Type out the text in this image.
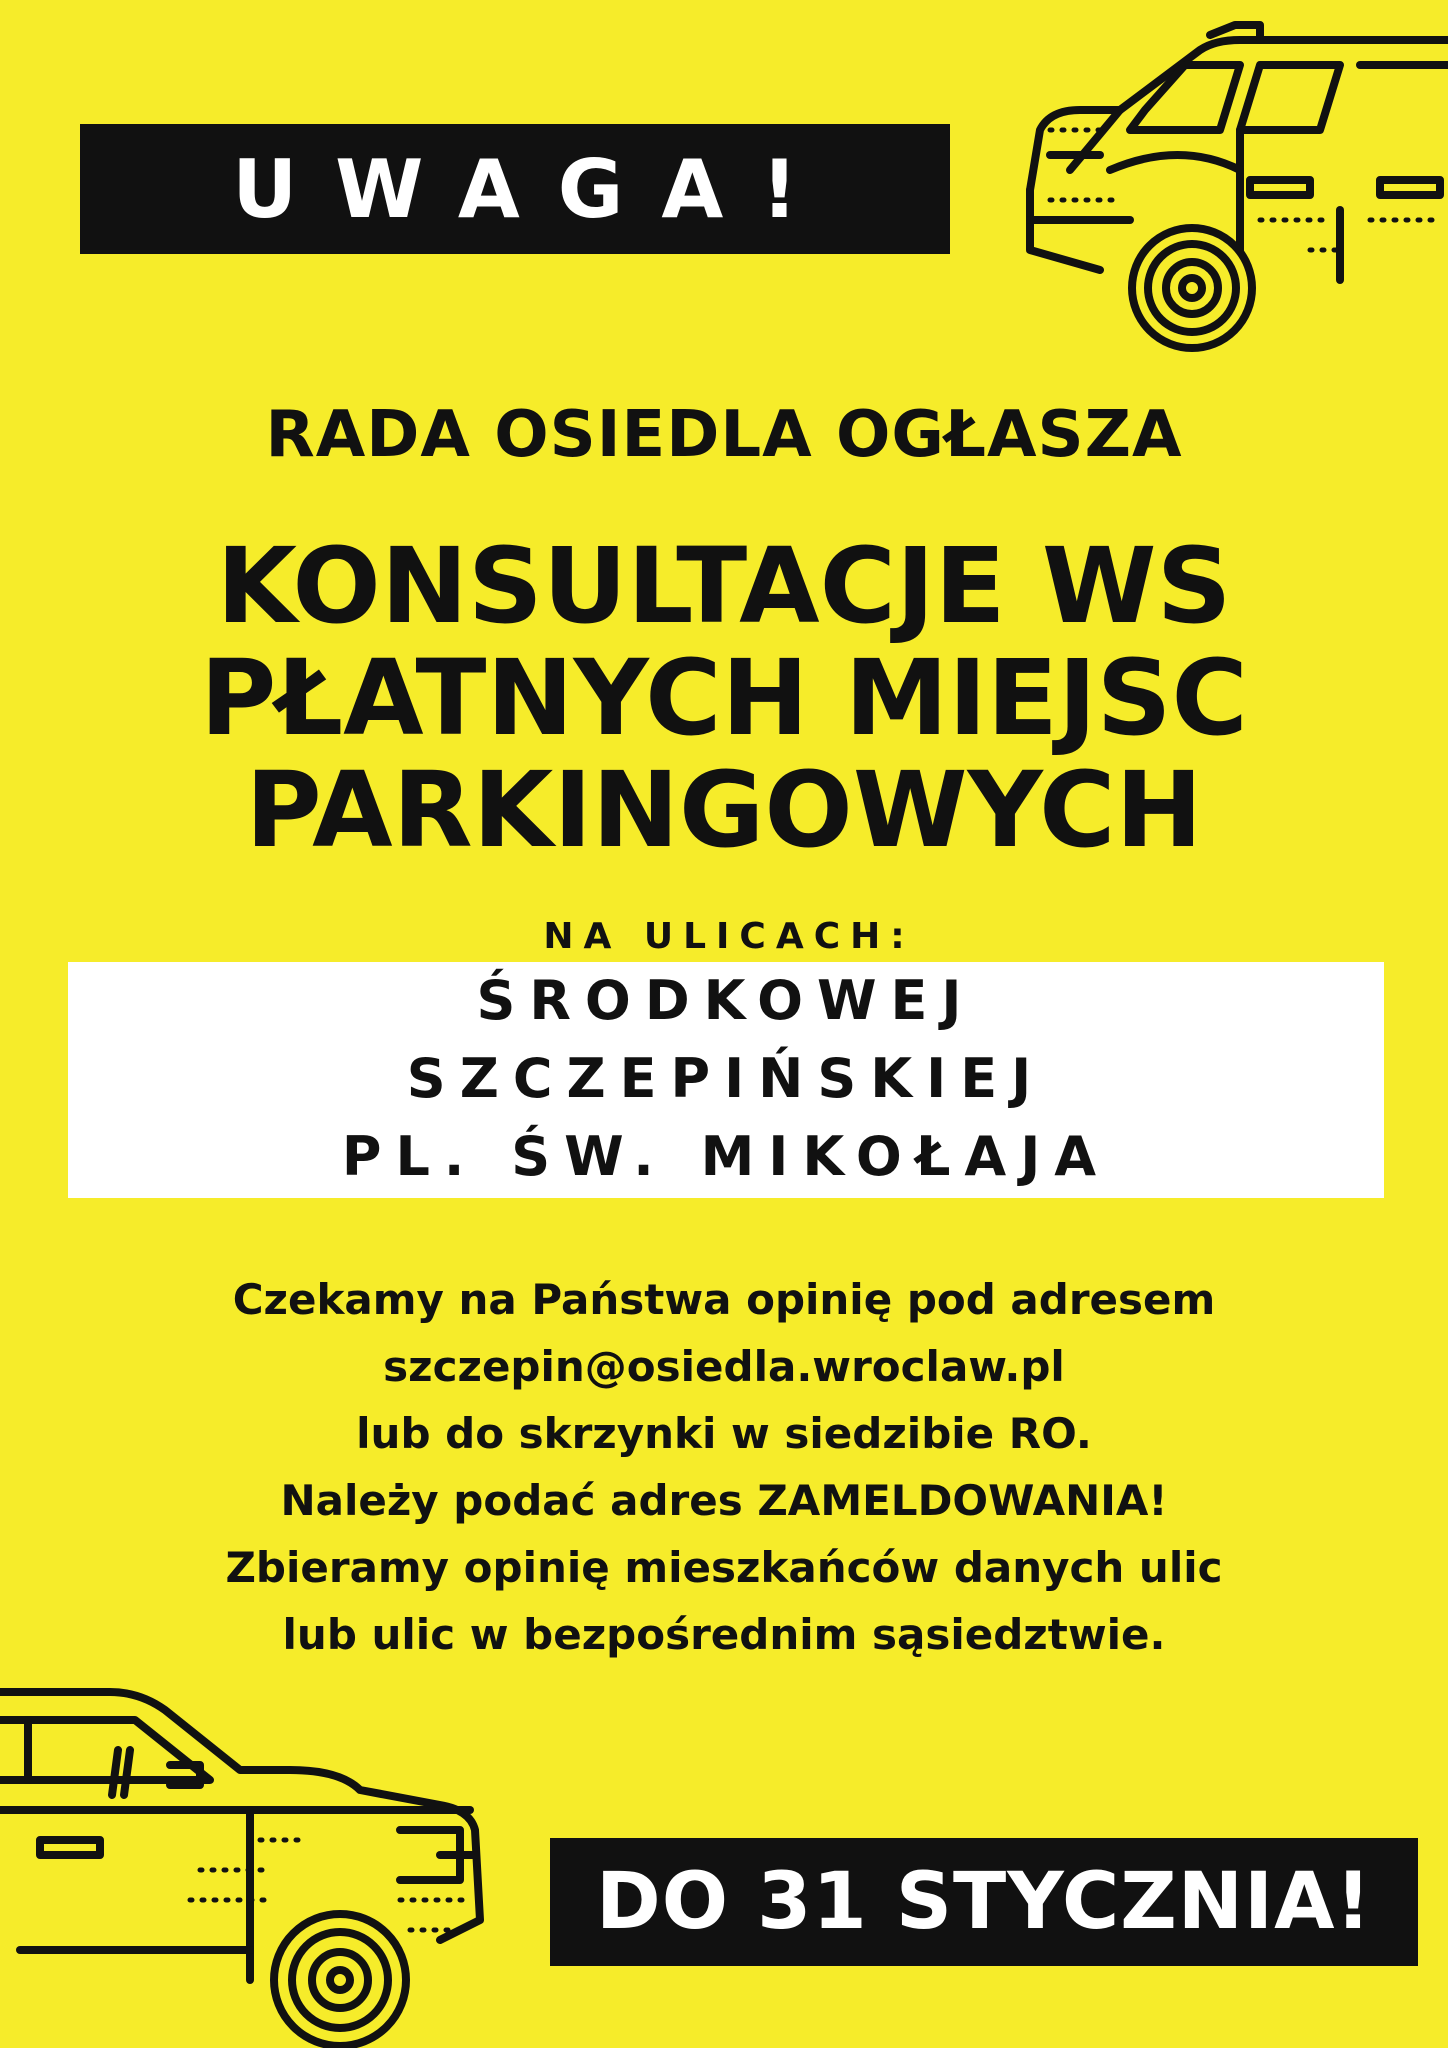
UWAGA!
RADA OSIEDLA OGŁASZA
KONSULTACJE WS
PŁATNYCH MIEJSC
PARKINGOWYCH
NA ULICACH:
ŚRODKOWEJ
SZCZEPIŃSKIEJ
PL. ŚW. MIKOŁAJA
Czekamy na Państwa opinię pod adresem
szczepin@osiedla.wroclaw.pl
lub do skrzynki w siedzibie RO.
Należy podać adres ZAMELDOWANIA!
Zbieramy opinię mieszkańców danych ulic
lub ulic w bezpośrednim sąsiedztwie.
DO 31 STYCZNIA!
